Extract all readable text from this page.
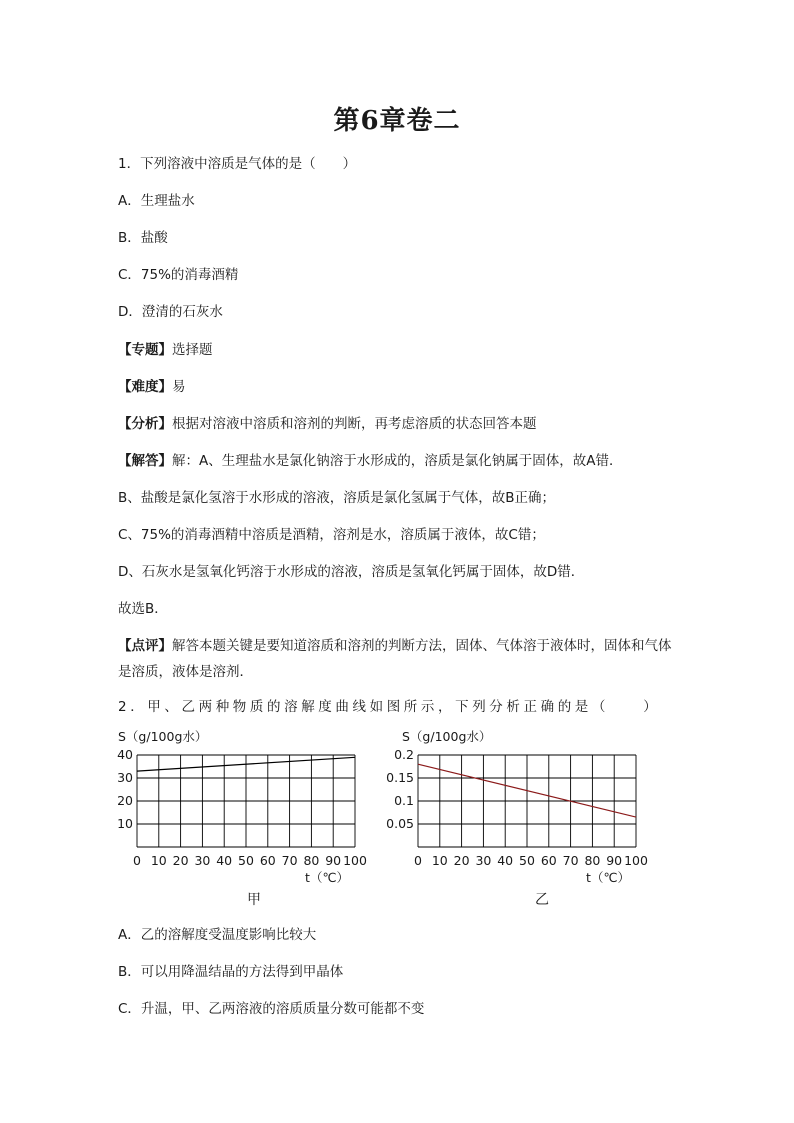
第6章卷二
1．下列溶液中溶质是气体的是（　　）
A．生理盐水
B．盐酸
C．75%的消毒酒精
D．澄清的石灰水
【专题】选择题
【难度】易
【分析】根据对溶液中溶质和溶剂的判断，再考虑溶质的状态回答本题
【解答】解：A、生理盐水是氯化钠溶于水形成的，溶质是氯化钠属于固体，故A错．
B、盐酸是氯化氢溶于水形成的溶液，溶质是氯化氢属于气体，故B正确；
C、75%的消毒酒精中溶质是酒精，溶剂是水，溶质属于液体，故C错；
D、石灰水是氢氧化钙溶于水形成的溶液，溶质是氢氧化钙属于固体，故D错．
故选B．
【点评】解答本题关键是要知道溶质和溶剂的判断方法，固体、气体溶于液体时，固体和气体是溶质，液体是溶剂．
2．甲、乙两种物质的溶解度曲线如图所示，下列分析正确的是（　　）
10
20
30
40
0 10 20 30 40 50 60 70 80 90 100
S（g/100g水）
t（℃）
甲
0.05
0.1
0.15
0.2
0 10 20 30 40 50 60 70 80 90 100
S（g/100g水）
t（℃）
乙
A．乙的溶解度受温度影响比较大
B．可以用降温结晶的方法得到甲晶体
C．升温，甲、乙两溶液的溶质质量分数可能都不变
